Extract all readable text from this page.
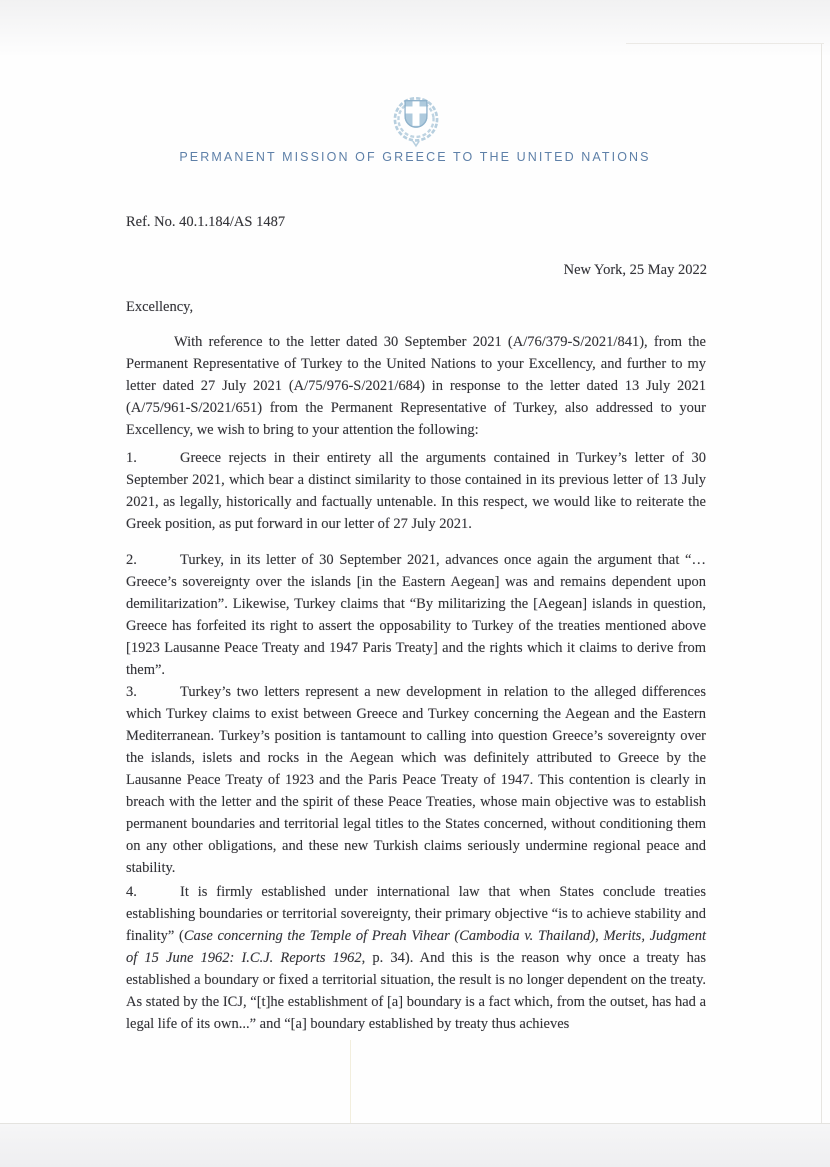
PERMANENT MISSION OF GREECE TO THE UNITED NATIONS
Ref. No. 40.1.184/AS 1487
New York, 25 May 2022
Excellency,
With reference to the letter dated 30 September 2021 (A/76/379-S/2021/841), from the Permanent Representative of Turkey to the United Nations to your Excellency, and further to my letter dated 27 July 2021 (A/75/976-S/2021/684) in response to the letter dated 13 July 2021 (A/75/961-S/2021/651) from the Permanent Representative of Turkey, also addressed to your Excellency, we wish to bring to your attention the following:
1.	Greece rejects in their entirety all the arguments contained in Turkey’s letter of 30 September 2021, which bear a distinct similarity to those contained in its previous letter of 13 July 2021, as legally, historically and factually untenable. In this respect, we would like to reiterate the Greek position, as put forward in our letter of 27 July 2021.
2.	Turkey, in its letter of 30 September 2021, advances once again the argument that “…Greece’s sovereignty over the islands [in the Eastern Aegean] was and remains dependent upon demilitarization”. Likewise, Turkey claims that “By militarizing the [Aegean] islands in question, Greece has forfeited its right to assert the opposability to Turkey of the treaties mentioned above [1923 Lausanne Peace Treaty and 1947 Paris Treaty] and the rights which it claims to derive from them”.
3.	Turkey’s two letters represent a new development in relation to the alleged differences which Turkey claims to exist between Greece and Turkey concerning the Aegean and the Eastern Mediterranean. Turkey’s position is tantamount to calling into question Greece’s sovereignty over the islands, islets and rocks in the Aegean which was definitely attributed to Greece by the Lausanne Peace Treaty of 1923 and the Paris Peace Treaty of 1947. This contention is clearly in breach with the letter and the spirit of these Peace Treaties, whose main objective was to establish permanent boundaries and territorial legal titles to the States concerned, without conditioning them on any other obligations, and these new Turkish claims seriously undermine regional peace and stability.
4.	It is firmly established under international law that when States conclude treaties establishing boundaries or territorial sovereignty, their primary objective “is to achieve stability and finality” (Case concerning the Temple of Preah Vihear (Cambodia v. Thailand), Merits, Judgment of 15 June 1962: I.C.J. Reports 1962, p. 34). And this is the reason why once a treaty has established a boundary or fixed a territorial situation, the result is no longer dependent on the treaty. As stated by the ICJ, “[t]he establishment of [a] boundary is a fact which, from the outset, has had a legal life of its own...” and “[a] boundary established by treaty thus achieves
